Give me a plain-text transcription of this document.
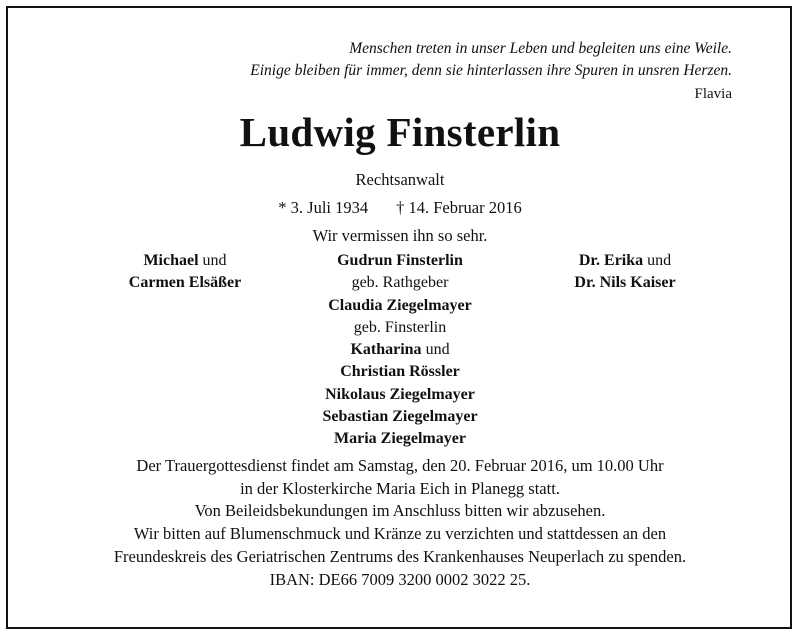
Menschen treten in unser Leben und begleiten uns eine Weile.
Einige bleiben für immer, denn sie hinterlassen ihre Spuren in unsren Herzen.
Flavia
Ludwig Finsterlin
Rechtsanwalt
* 3. Juli 1934 † 14. Februar 2016
Wir vermissen ihn so sehr.
Michael und
Carmen Elsäßer
Gudrun Finsterlin
geb. Rathgeber
Claudia Ziegelmayer
geb. Finsterlin
Katharina und
Christian Rössler
Nikolaus Ziegelmayer
Sebastian Ziegelmayer
Maria Ziegelmayer
Dr. Erika und
Dr. Nils Kaiser
Der Trauergottesdienst findet am Samstag, den 20. Februar 2016, um 10.00 Uhr
in der Klosterkirche Maria Eich in Planegg statt.
Von Beileidsbekundungen im Anschluss bitten wir abzusehen.
Wir bitten auf Blumenschmuck und Kränze zu verzichten und stattdessen an den
Freundeskreis des Geriatrischen Zentrums des Krankenhauses Neuperlach zu spenden.
IBAN: DE66 7009 3200 0002 3022 25.
